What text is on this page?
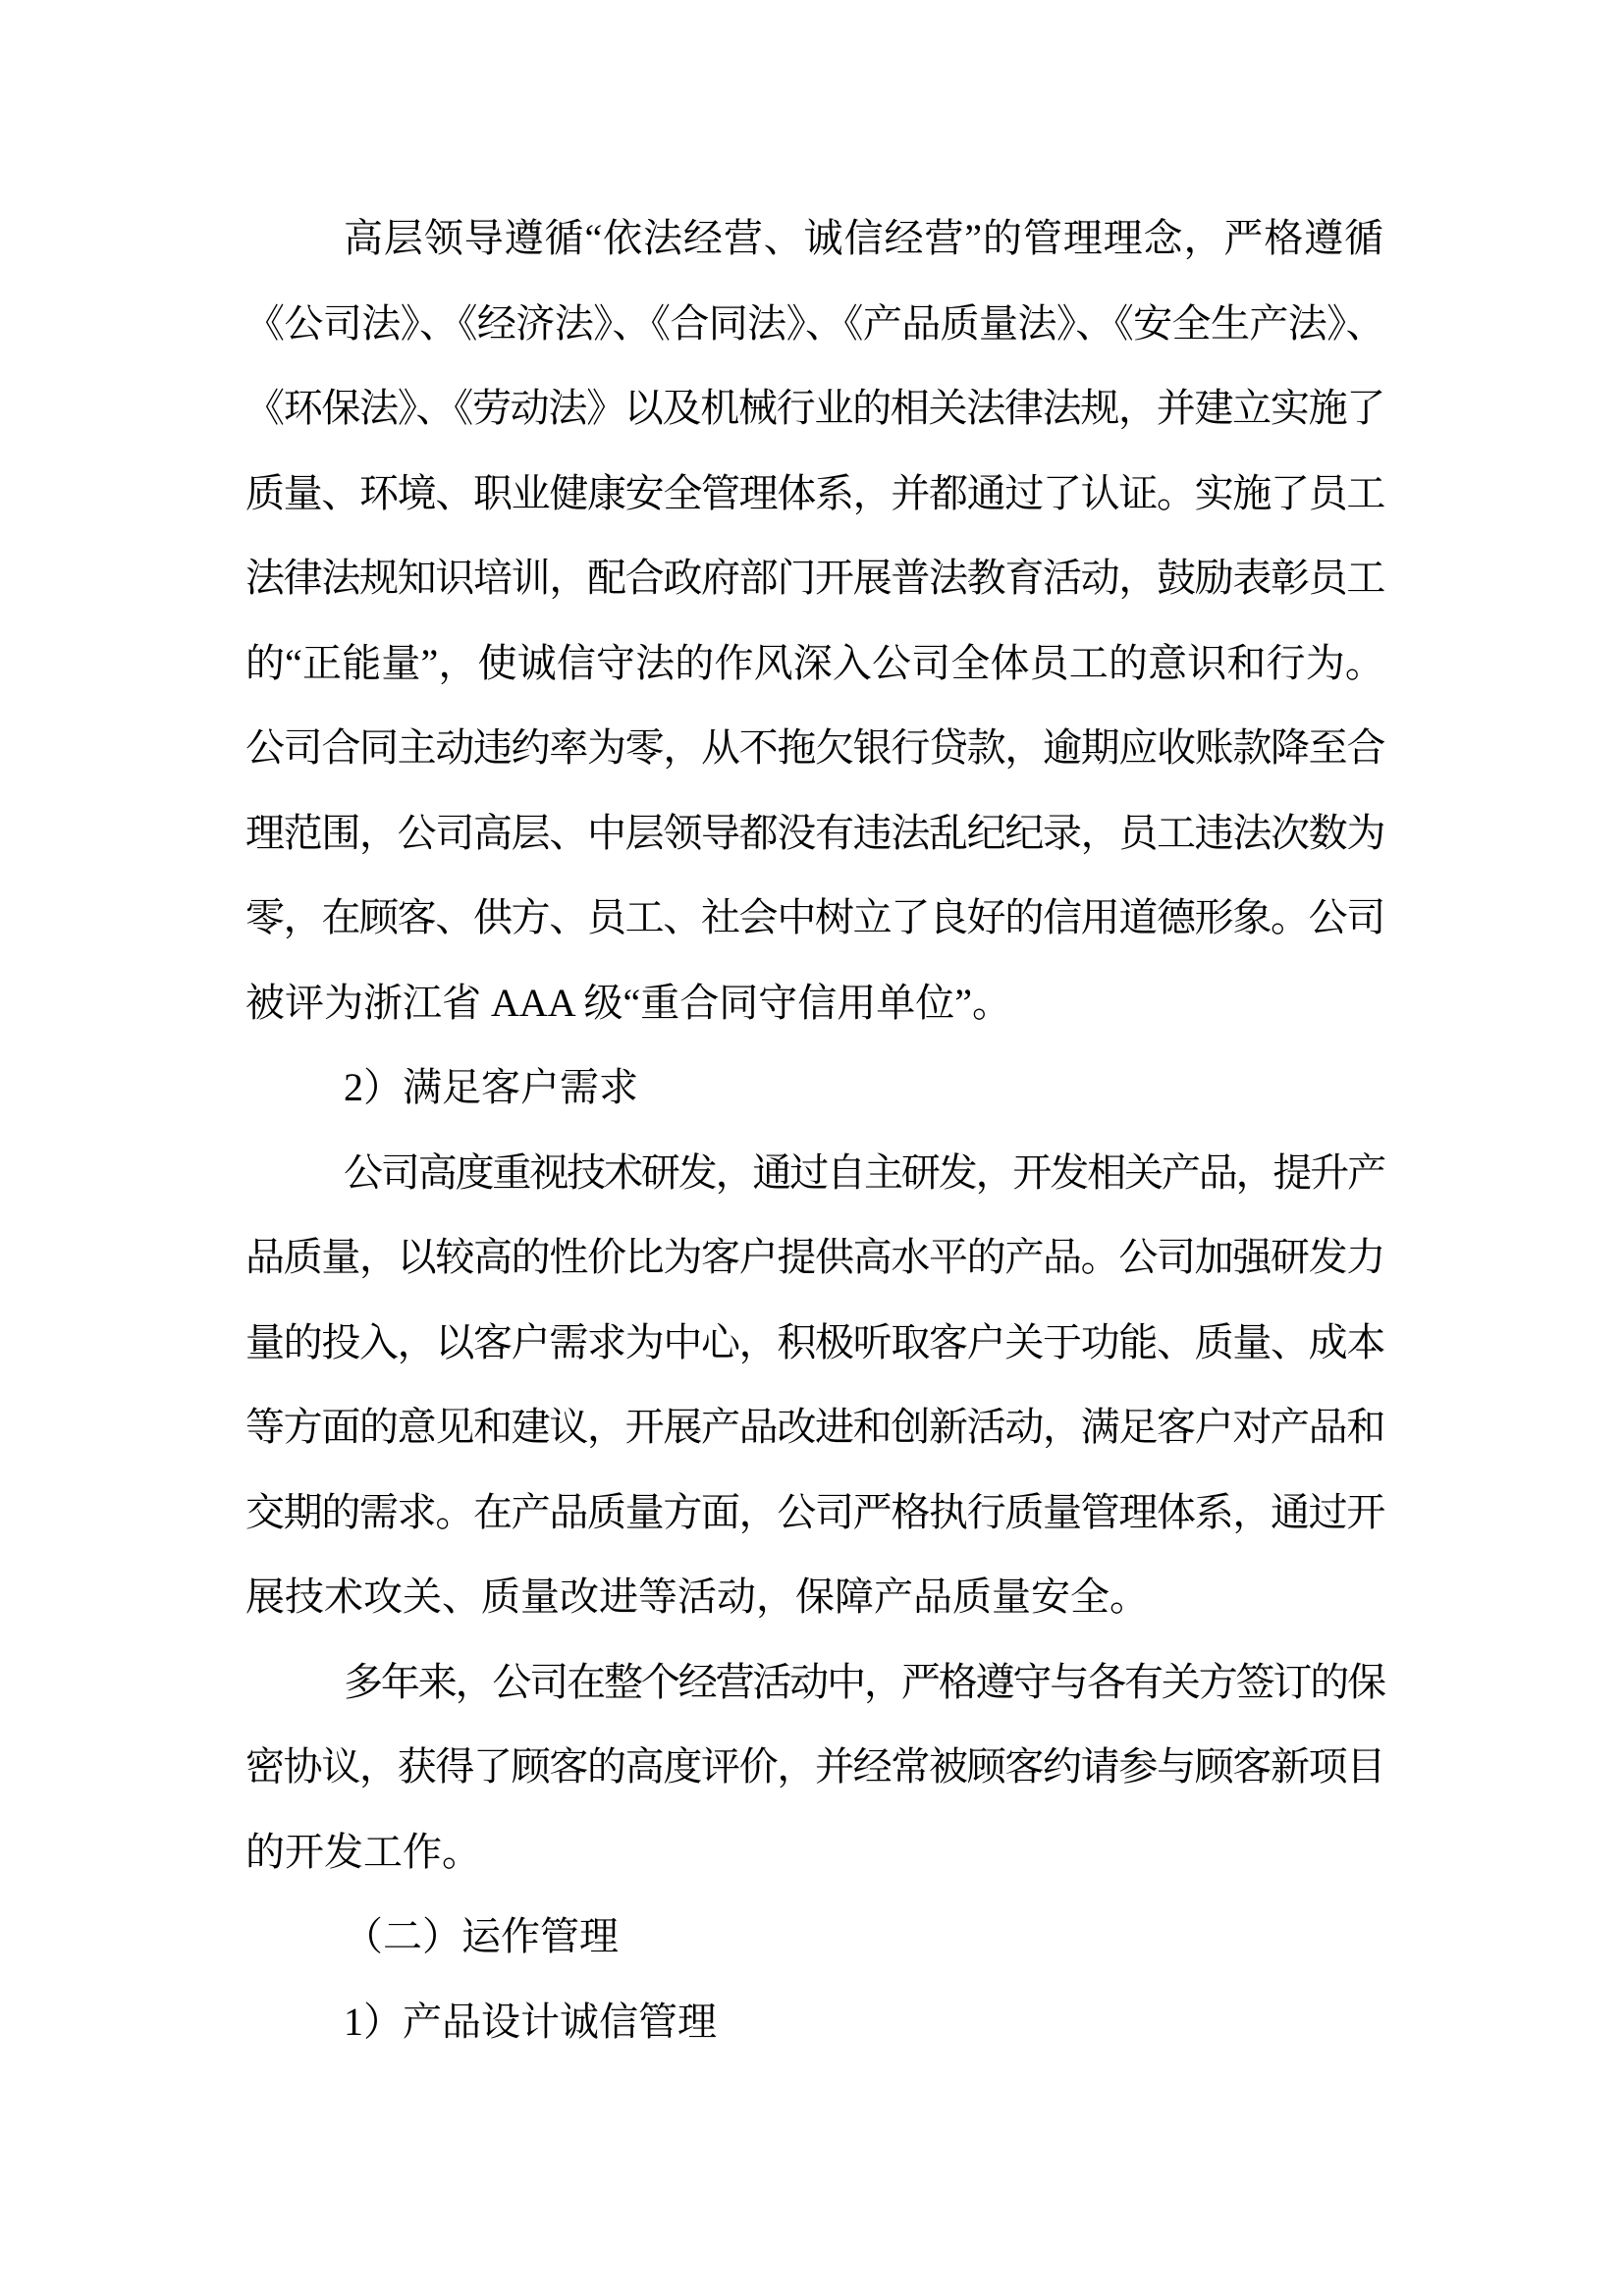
高层领导遵循“依法经营、诚信经营”的管理理念，严格遵循
《公司法》、《经济法》、《合同法》、《产品质量法》、《安全生产法》、
《环保法》、《劳动法》以及机械行业的相关法律法规，并建立实施了
质量、环境、职业健康安全管理体系，并都通过了认证。实施了员工
法律法规知识培训，配合政府部门开展普法教育活动，鼓励表彰员工
的“正能量”，使诚信守法的作风深入公司全体员工的意识和行为。
公司合同主动违约率为零，从不拖欠银行贷款，逾期应收账款降至合
理范围，公司高层、中层领导都没有违法乱纪纪录，员工违法次数为
零，在顾客、供方、员工、社会中树立了良好的信用道德形象。公司
被评为浙江省 AAA 级“重合同守信用单位”。
2）满足客户需求
公司高度重视技术研发，通过自主研发，开发相关产品，提升产
品质量，以较高的性价比为客户提供高水平的产品。公司加强研发力
量的投入，以客户需求为中心，积极听取客户关于功能、质量、成本
等方面的意见和建议，开展产品改进和创新活动，满足客户对产品和
交期的需求。在产品质量方面，公司严格执行质量管理体系，通过开
展技术攻关、质量改进等活动，保障产品质量安全。
多年来，公司在整个经营活动中，严格遵守与各有关方签订的保
密协议，获得了顾客的高度评价，并经常被顾客约请参与顾客新项目
的开发工作。
（二）运作管理
1）产品设计诚信管理
